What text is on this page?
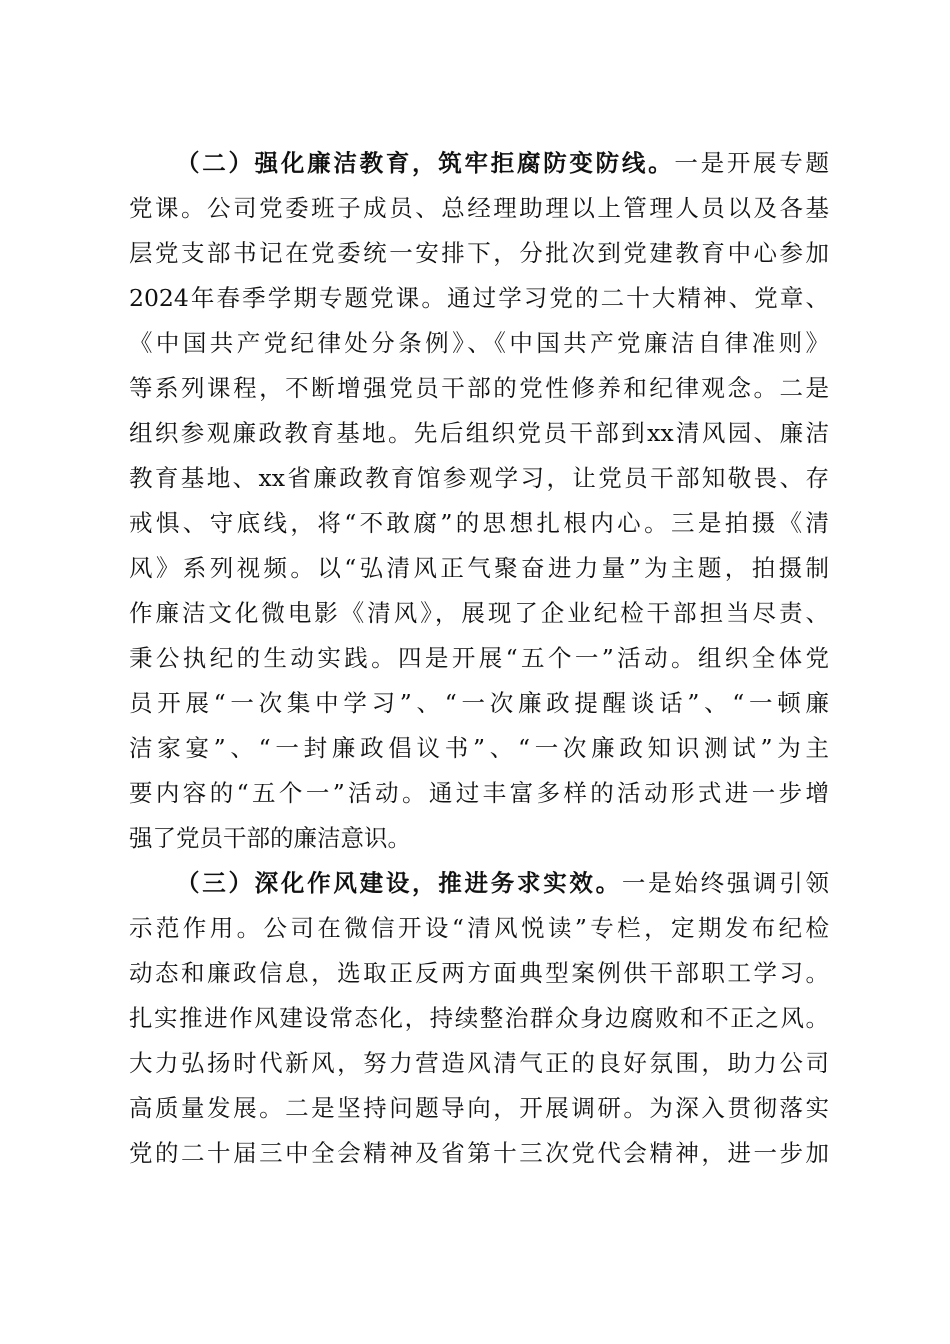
（二）强化廉洁教育，筑牢拒腐防变防线。一是开展专题
党课。公司党委班子成员、总经理助理以上管理人员以及各基
层党支部书记在党委统一安排下，分批次到党建教育中心参加
2024年春季学期专题党课。通过学习党的二十大精神、党章、
《中国共产党纪律处分条例》、《中国共产党廉洁自律准则》
等系列课程，不断增强党员干部的党性修养和纪律观念。二是
组织参观廉政教育基地。先后组织党员干部到xx清风园、廉洁
教育基地、xx省廉政教育馆参观学习，让党员干部知敬畏、存
戒惧、守底线，将“不敢腐”的思想扎根内心。三是拍摄《清
风》系列视频。以“弘清风正气聚奋进力量”为主题，拍摄制
作廉洁文化微电影《清风》，展现了企业纪检干部担当尽责、
秉公执纪的生动实践。四是开展“五个一”活动。组织全体党
员开展“一次集中学习”、“一次廉政提醒谈话”、“一顿廉
洁家宴”、“一封廉政倡议书”、“一次廉政知识测试”为主
要内容的“五个一”活动。通过丰富多样的活动形式进一步增
强了党员干部的廉洁意识。
（三）深化作风建设，推进务求实效。一是始终强调引领
示范作用。公司在微信开设“清风悦读”专栏，定期发布纪检
动态和廉政信息，选取正反两方面典型案例供干部职工学习。
扎实推进作风建设常态化，持续整治群众身边腐败和不正之风。
大力弘扬时代新风，努力营造风清气正的良好氛围，助力公司
高质量发展。二是坚持问题导向，开展调研。为深入贯彻落实
党的二十届三中全会精神及省第十三次党代会精神，进一步加
